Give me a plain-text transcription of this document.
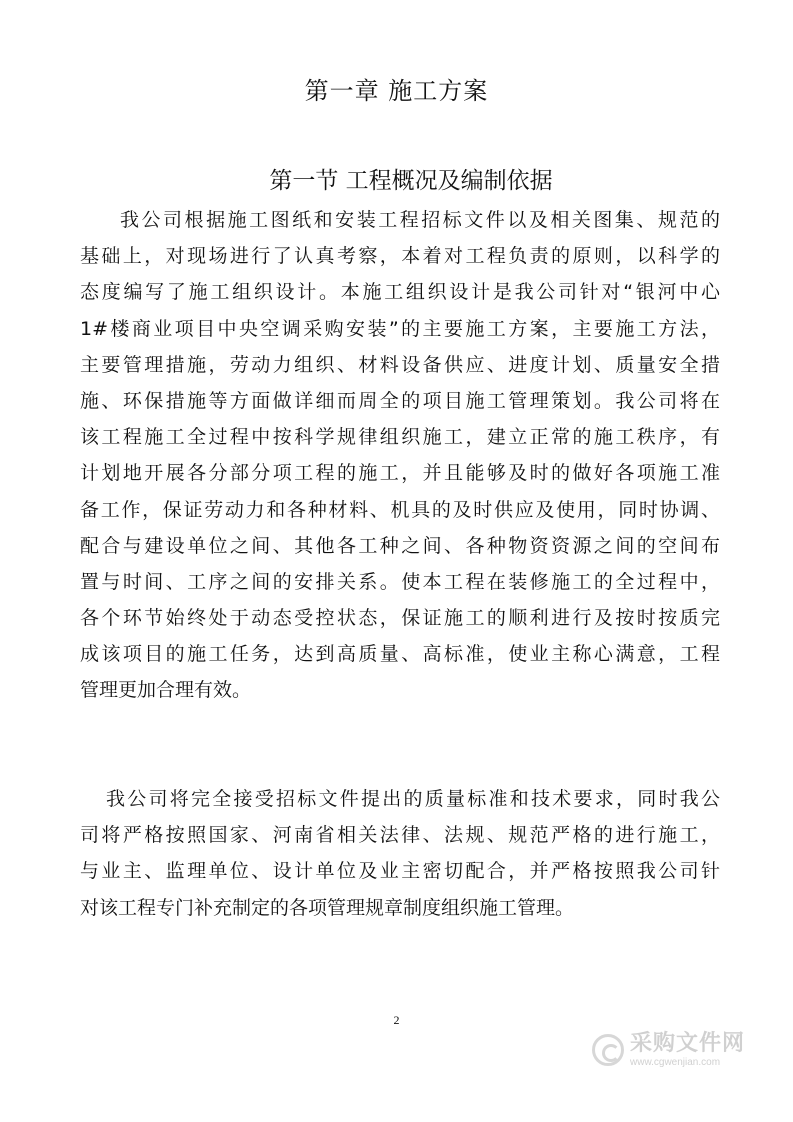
第一章 施工方案
第一节 工程概况及编制依据
我公司根据施工图纸和安装工程招标文件以及相关图集、规范的
基础上，对现场进行了认真考察，本着对工程负责的原则，以科学的
态度编写了施工组织设计。本施工组织设计是我公司针对“银河中心
1#楼商业项目中央空调采购安装”的主要施工方案，主要施工方法，
主要管理措施，劳动力组织、材料设备供应、进度计划、质量安全措
施、环保措施等方面做详细而周全的项目施工管理策划。我公司将在
该工程施工全过程中按科学规律组织施工，建立正常的施工秩序，有
计划地开展各分部分项工程的施工，并且能够及时的做好各项施工准
备工作，保证劳动力和各种材料、机具的及时供应及使用，同时协调、
配合与建设单位之间、其他各工种之间、各种物资资源之间的空间布
置与时间、工序之间的安排关系。使本工程在装修施工的全过程中，
各个环节始终处于动态受控状态，保证施工的顺利进行及按时按质完
成该项目的施工任务，达到高质量、高标准，使业主称心满意，工程
管理更加合理有效。
我公司将完全接受招标文件提出的质量标准和技术要求，同时我公
司将严格按照国家、河南省相关法律、法规、规范严格的进行施工，
与业主、监理单位、设计单位及业主密切配合，并严格按照我公司针
对该工程专门补充制定的各项管理规章制度组织施工管理。
2
采购文件网
www.cgwenjian.com
